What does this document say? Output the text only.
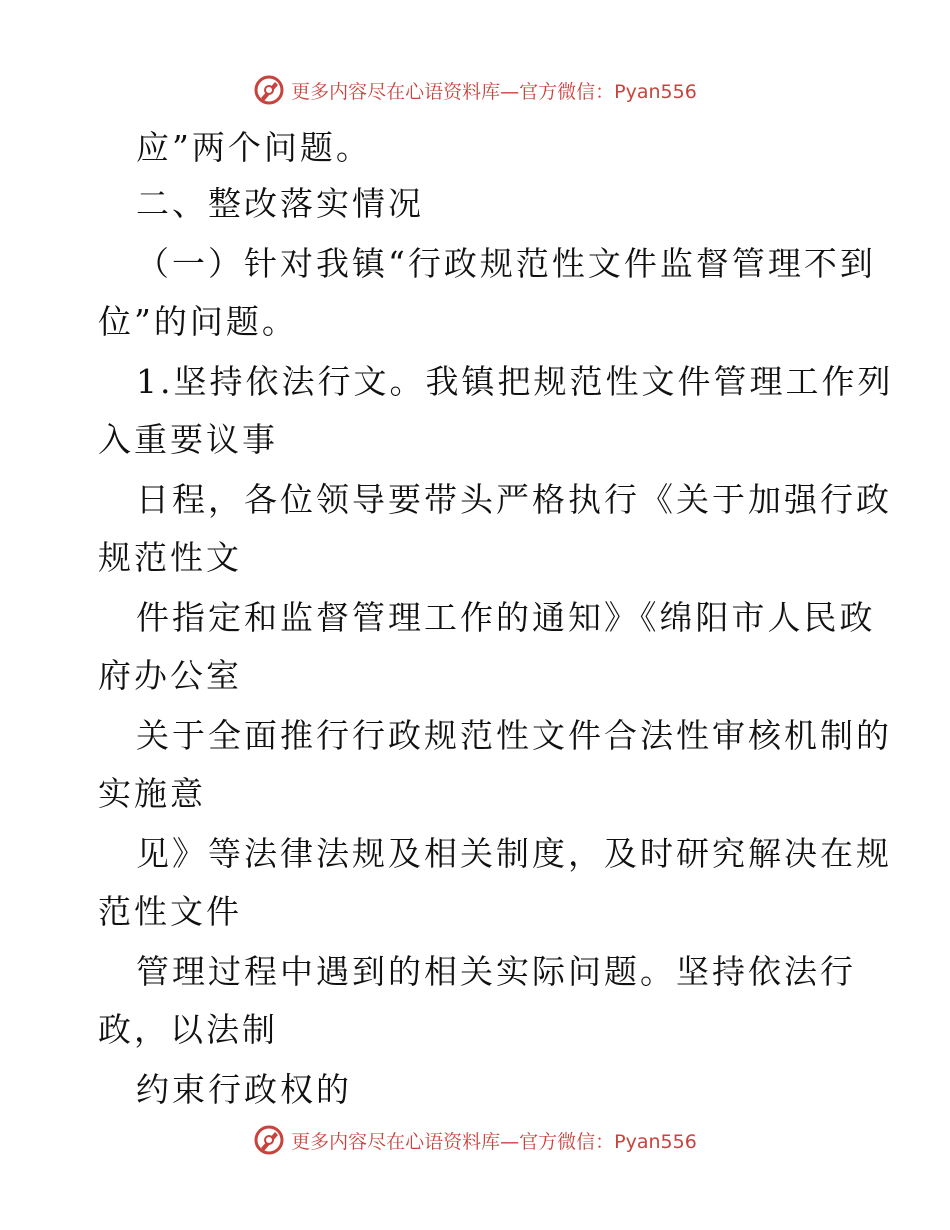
更多内容尽在心语资料库—官方微信：Pyan556
应”两个问题。
二、整改落实情况
（一）针对我镇“行政规范性文件监督管理不到
位”的问题。
1.坚持依法行文。我镇把规范性文件管理工作列
入重要议事
日程，各位领导要带头严格执行《关于加强行政
规范性文
件指定和监督管理工作的通知》《绵阳市人民政
府办公室
关于全面推行行政规范性文件合法性审核机制的
实施意
见》等法律法规及相关制度，及时研究解决在规
范性文件
管理过程中遇到的相关实际问题。坚持依法行
政，以法制
约束行政权的
更多内容尽在心语资料库—官方微信：Pyan556
